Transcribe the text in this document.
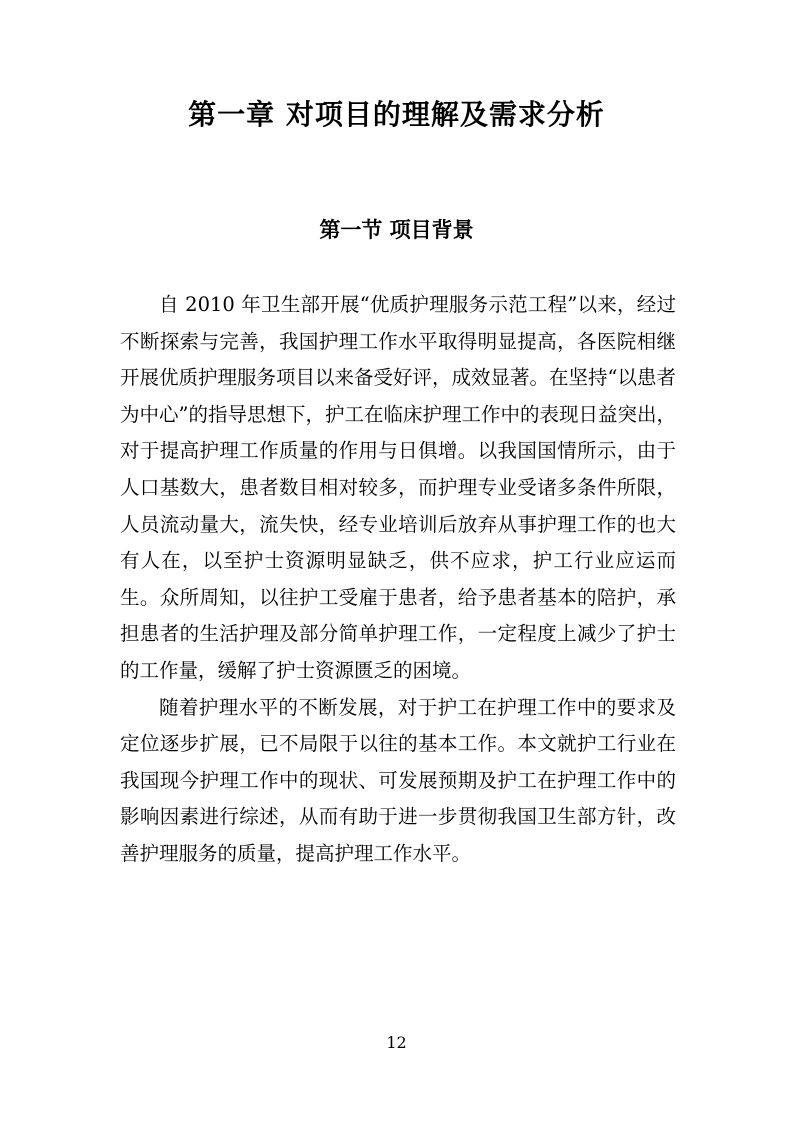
第一章 对项目的理解及需求分析
第一节 项目背景

自 2010 年卫生部开展“优质护理服务示范工程”以来，经过不断探索与完善，我国护理工作水平取得明显提高，各医院相继开展优质护理服务项目以来备受好评，成效显著。在坚持“以患者为中心”的指导思想下，护工在临床护理工作中的表现日益突出，对于提高护理工作质量的作用与日俱增。以我国国情所示，由于人口基数大，患者数目相对较多，而护理专业受诸多条件所限，人员流动量大，流失快，经专业培训后放弃从事护理工作的也大有人在，以至护士资源明显缺乏，供不应求，护工行业应运而生。众所周知，以往护工受雇于患者，给予患者基本的陪护，承担患者的生活护理及部分简单护理工作，一定程度上减少了护士的工作量，缓解了护士资源匮乏的困境。

随着护理水平的不断发展，对于护工在护理工作中的要求及定位逐步扩展，已不局限于以往的基本工作。本文就护工行业在我国现今护理工作中的现状、可发展预期及护工在护理工作中的影响因素进行综述，从而有助于进一步贯彻我国卫生部方针，改善护理服务的质量，提高护理工作水平。

12
